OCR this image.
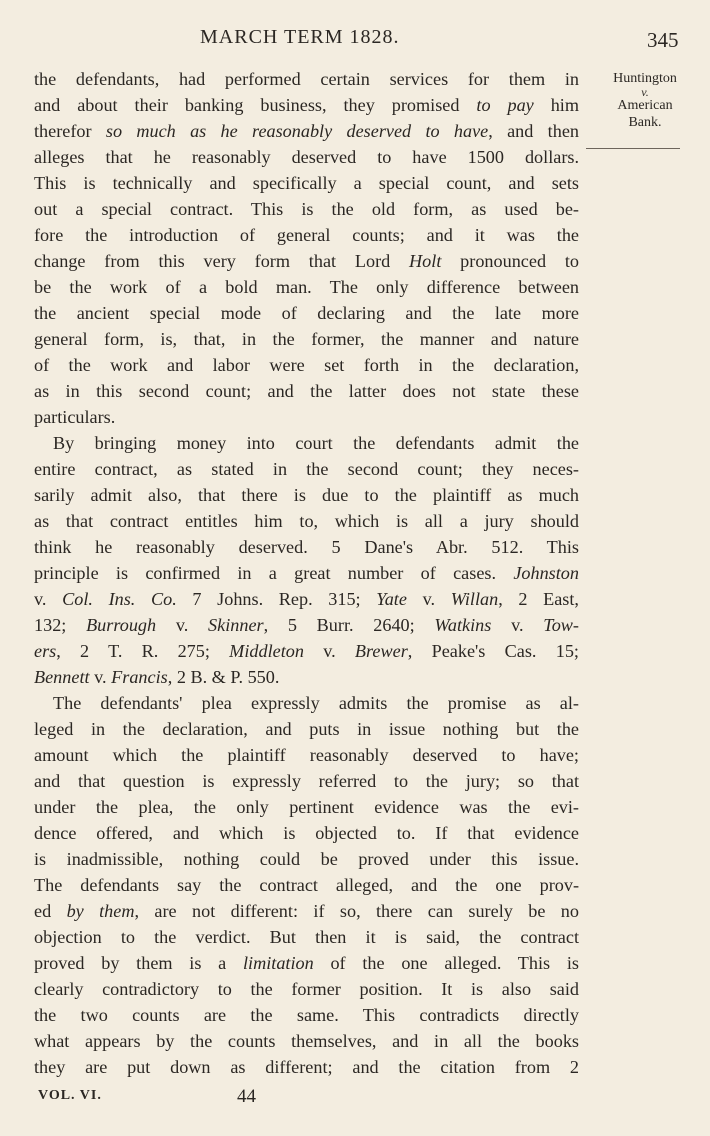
MARCH TERM 1828.	345
Huntington
v.
American
Bank.
the defendants, had performed certain services for them in
and about their banking business, they promised to pay him
therefor so much as he reasonably deserved to have, and then
alleges that he reasonably deserved to have 1500 dollars.
This is technically and specifically a special count, and sets
out a special contract. This is the old form, as used be-
fore the introduction of general counts; and it was the
change from this very form that Lord Holt pronounced to
be the work of a bold man. The only difference between
the ancient special mode of declaring and the late more
general form, is, that, in the former, the manner and nature
of the work and labor were set forth in the declaration,
as in this second count; and the latter does not state these
particulars.
By bringing money into court the defendants admit the
entire contract, as stated in the second count; they neces-
sarily admit also, that there is due to the plaintiff as much
as that contract entitles him to, which is all a jury should
think he reasonably deserved. 5 Dane's Abr. 512. This
principle is confirmed in a great number of cases. Johnston
v. Col. Ins. Co. 7 Johns. Rep. 315; Yate v. Willan, 2 East,
132; Burrough v. Skinner, 5 Burr. 2640; Watkins v. Tow-
ers, 2 T. R. 275; Middleton v. Brewer, Peake's Cas. 15;
Bennett v. Francis, 2 B. & P. 550.
The defendants' plea expressly admits the promise as al-
leged in the declaration, and puts in issue nothing but the
amount which the plaintiff reasonably deserved to have;
and that question is expressly referred to the jury; so that
under the plea, the only pertinent evidence was the evi-
dence offered, and which is objected to. If that evidence
is inadmissible, nothing could be proved under this issue.
The defendants say the contract alleged, and the one prov-
ed by them, are not different: if so, there can surely be no
objection to the verdict. But then it is said, the contract
proved by them is a limitation of the one alleged. This is
clearly contradictory to the former position. It is also said
the two counts are the same. This contradicts directly
what appears by the counts themselves, and in all the books
they are put down as different; and the citation from 2
VOL. VI.	44
